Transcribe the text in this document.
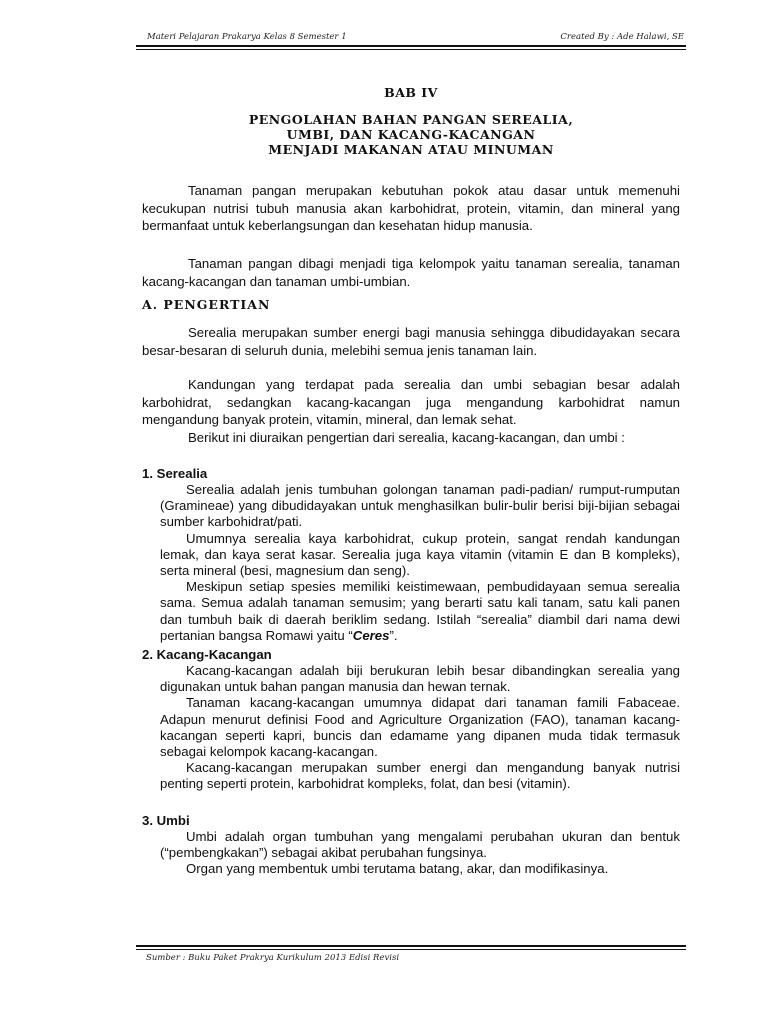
Materi Pelajaran Prakarya Kelas 8 Semester 1	Created By : Ade Halawi, SE
BAB IV
PENGOLAHAN BAHAN PANGAN SEREALIA,
UMBI, DAN KACANG-KACANGAN
MENJADI MAKANAN ATAU MINUMAN

Tanaman pangan merupakan kebutuhan pokok atau dasar untuk memenuhi kecukupan nutrisi tubuh manusia akan karbohidrat, protein, vitamin, dan mineral yang bermanfaat untuk keberlangsungan dan kesehatan hidup manusia.

Tanaman pangan dibagi menjadi tiga kelompok yaitu tanaman serealia, tanaman kacang-kacangan dan tanaman umbi-umbian.

A. PENGERTIAN

Serealia merupakan sumber energi bagi manusia sehingga dibudidayakan secara besar-besaran di seluruh dunia, melebihi semua jenis tanaman lain.

Kandungan yang terdapat pada serealia dan umbi sebagian besar adalah karbohidrat, sedangkan kacang-kacangan juga mengandung karbohidrat namun mengandung banyak protein, vitamin, mineral, dan lemak sehat.

Berikut ini diuraikan pengertian dari serealia, kacang-kacangan, dan umbi :

1. Serealia

Serealia adalah jenis tumbuhan golongan tanaman padi-padian/ rumput-rumputan (Gramineae) yang dibudidayakan untuk menghasilkan bulir-bulir berisi biji-bijian sebagai sumber karbohidrat/pati.

Umumnya serealia kaya karbohidrat, cukup protein, sangat rendah kandungan lemak, dan kaya serat kasar. Serealia juga kaya vitamin (vitamin E dan B kompleks), serta mineral (besi, magnesium dan seng).

Meskipun setiap spesies memiliki keistimewaan, pembudidayaan semua serealia sama. Semua adalah tanaman semusim; yang berarti satu kali tanam, satu kali panen dan tumbuh baik di daerah beriklim sedang. Istilah “serealia” diambil dari nama dewi pertanian bangsa Romawi yaitu “Ceres”.

2. Kacang-Kacangan

Kacang-kacangan adalah biji berukuran lebih besar dibandingkan serealia yang digunakan untuk bahan pangan manusia dan hewan ternak.

Tanaman kacang-kacangan umumnya didapat dari tanaman famili Fabaceae. Adapun menurut definisi Food and Agriculture Organization (FAO), tanaman kacang-kacangan seperti kapri, buncis dan edamame yang dipanen muda tidak termasuk sebagai kelompok kacang-kacangan.

Kacang-kacangan merupakan sumber energi dan mengandung banyak nutrisi penting seperti protein, karbohidrat kompleks, folat, dan besi (vitamin).

3. Umbi

Umbi adalah organ tumbuhan yang mengalami perubahan ukuran dan bentuk (“pembengkakan”) sebagai akibat perubahan fungsinya.

Organ yang membentuk umbi terutama batang, akar, dan modifikasinya.

Sumber : Buku Paket Prakrya Kurikulum 2013 Edisi Revisi
